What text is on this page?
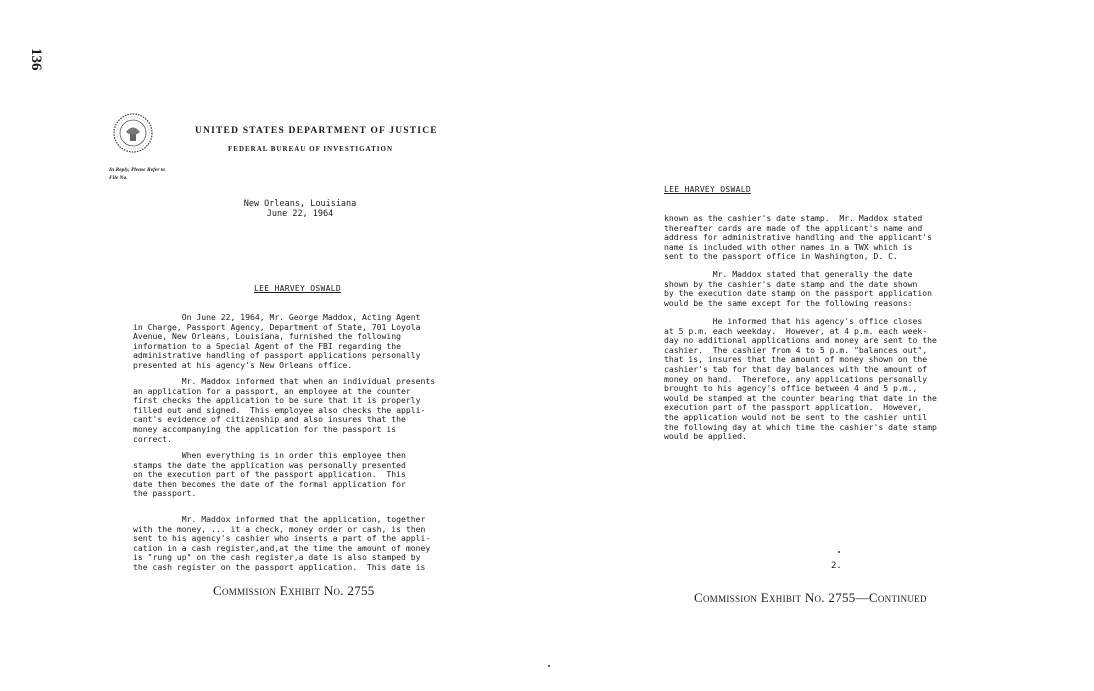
136
UNITED STATES DEPARTMENT OF JUSTICE
FEDERAL BUREAU OF INVESTIGATION
In Reply, Please Refer to
File No.
New Orleans, Louisiana
June 22, 1964
LEE HARVEY OSWALD
On June 22, 1964, Mr. George Maddox, Acting Agent
in Charge, Passport Agency, Department of State, 701 Loyola
Avenue, New Orleans, Louisiana, furnished the following
information to a Special Agent of the FBI regarding the
administrative handling of passport applications personally
presented at his agency's New Orleans office.
Mr. Maddox informed that when an individual presents
an application for a passport, an employee at the counter
first checks the application to be sure that it is properly
filled out and signed.  This employee also checks the appli-
cant's evidence of citizenship and also insures that the
money accompanying the application for the passport is
correct.
When everything is in order this employee then
stamps the date the application was personally presented
on the execution part of the passport application.  This
date then becomes the date of the formal application for
the passport.
Mr. Maddox informed that the application, together
with the money, ... it a check, money order or cash, is then
sent to his agency's cashier who inserts a part of the appli-
cation in a cash register,and,at the time the amount of money
is "rung up" on the cash register,a date is also stamped by
the cash register on the passport application.  This date is
Commission Exhibit No. 2755
LEE HARVEY OSWALD
known as the cashier's date stamp.  Mr. Maddox stated
thereafter cards are made of the applicant's name and
address for administrative handling and the applicant's
name is included with other names in a TWX which is
sent to the passport office in Washington, D. C.
Mr. Maddox stated that generally the date
shown by the cashier's date stamp and the date shown
by the execution date stamp on the passport application
would be the same except for the following reasons:
He informed that his agency's office closes
at 5 p.m. each weekday.  However, at 4 p.m. each week-
day no additional applications and money are sent to the
cashier.  The cashier from 4 to 5 p.m. "balances out",
that is, insures that the amount of money shown on the
cashier's tab for that day balances with the amount of
money on hand.  Therefore, any applications personally
brought to his agency's office between 4 and 5 p.m.,
would be stamped at the counter bearing that date in the
execution part of the passport application.  However,
the application would not be sent to the cashier until
the following day at which time the cashier's date stamp
would be applied.
2.
Commission Exhibit No. 2755—Continued
